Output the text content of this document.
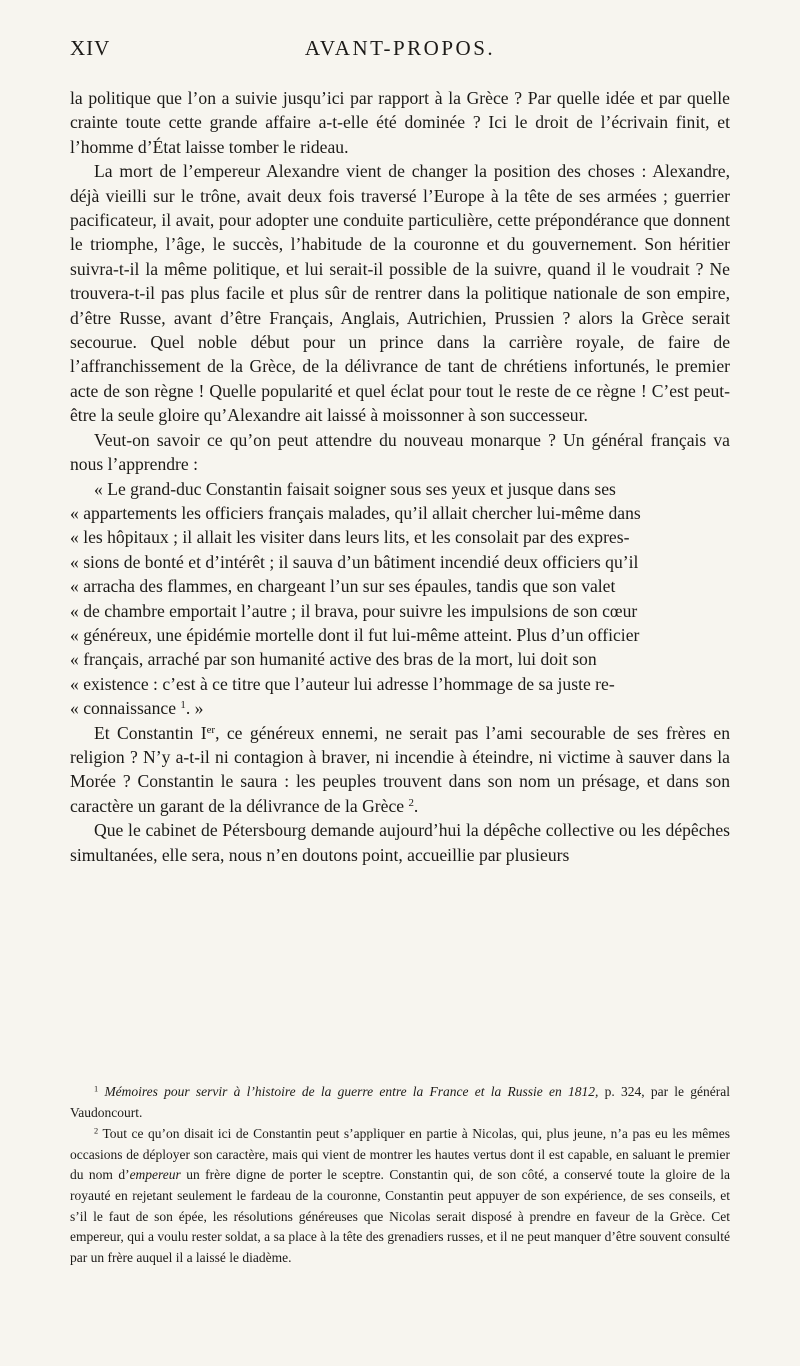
XIV	AVANT-PROPOS.

la politique que l’on a suivie jusqu’ici par rapport à la Grèce ? Par quelle idée et par quelle crainte toute cette grande affaire a-t-elle été dominée ? Ici le droit de l’écrivain finit, et l’homme d’État laisse tomber le rideau.

La mort de l’empereur Alexandre vient de changer la position des choses : Alexandre, déjà vieilli sur le trône, avait deux fois traversé l’Europe à la tête de ses armées ; guerrier pacificateur, il avait, pour adopter une conduite particulière, cette prépondérance que donnent le triomphe, l’âge, le succès, l’habitude de la couronne et du gouvernement. Son héritier suivra-t-il la même politique, et lui serait-il possible de la suivre, quand il le voudrait ? Ne trouvera-t-il pas plus facile et plus sûr de rentrer dans la politique nationale de son empire, d’être Russe, avant d’être Français, Anglais, Autrichien, Prussien ? alors la Grèce serait secourue. Quel noble début pour un prince dans la carrière royale, de faire de l’affranchissement de la Grèce, de la délivrance de tant de chrétiens infortunés, le premier acte de son règne ! Quelle popularité et quel éclat pour tout le reste de ce règne ! C’est peut-être la seule gloire qu’Alexandre ait laissé à moissonner à son successeur.

Veut-on savoir ce qu’on peut attendre du nouveau monarque ? Un général français va nous l’apprendre :

« Le grand-duc Constantin faisait soigner sous ses yeux et jusque dans ses
« appartements les officiers français malades, qu’il allait chercher lui-même dans
« les hôpitaux ; il allait les visiter dans leurs lits, et les consolait par des expres-
« sions de bonté et d’intérêt ; il sauva d’un bâtiment incendié deux officiers qu’il
« arracha des flammes, en chargeant l’un sur ses épaules, tandis que son valet
« de chambre emportait l’autre ; il brava, pour suivre les impulsions de son cœur
« généreux, une épidémie mortelle dont il fut lui-même atteint. Plus d’un officier
« français, arraché par son humanité active des bras de la mort, lui doit son
« existence : c’est à ce titre que l’auteur lui adresse l’hommage de sa juste re-
« connaissance $^1$. »

Et Constantin Ier, ce généreux ennemi, ne serait pas l’ami secourable de ses frères en religion ? N’y a-t-il ni contagion à braver, ni incendie à éteindre, ni victime à sauver dans la Morée ? Constantin le saura : les peuples trouvent dans son nom un présage, et dans son caractère un garant de la délivrance de la Grèce $^2$.

Que le cabinet de Pétersbourg demande aujourd’hui la dépêche collective ou les dépêches simultanées, elle sera, nous n’en doutons point, accueillie par plusieurs

$^1$ Mémoires pour servir à l’histoire de la guerre entre la France et la Russie en 1812, p. 324, par le général Vaudoncourt.

$^2$ Tout ce qu’on disait ici de Constantin peut s’appliquer en partie à Nicolas, qui, plus jeune, n’a pas eu les mêmes occasions de déployer son caractère, mais qui vient de montrer les hautes vertus dont il est capable, en saluant le premier du nom d’empereur un frère digne de porter le sceptre. Constantin qui, de son côté, a conservé toute la gloire de la royauté en rejetant seulement le fardeau de la couronne, Constantin peut appuyer de son expérience, de ses conseils, et s’il le faut de son épée, les résolutions généreuses que Nicolas serait disposé à prendre en faveur de la Grèce. Cet empereur, qui a voulu rester soldat, a sa place à la tête des grenadiers russes, et il ne peut manquer d’être souvent consulté par un frère auquel il a laissé le diadème.
